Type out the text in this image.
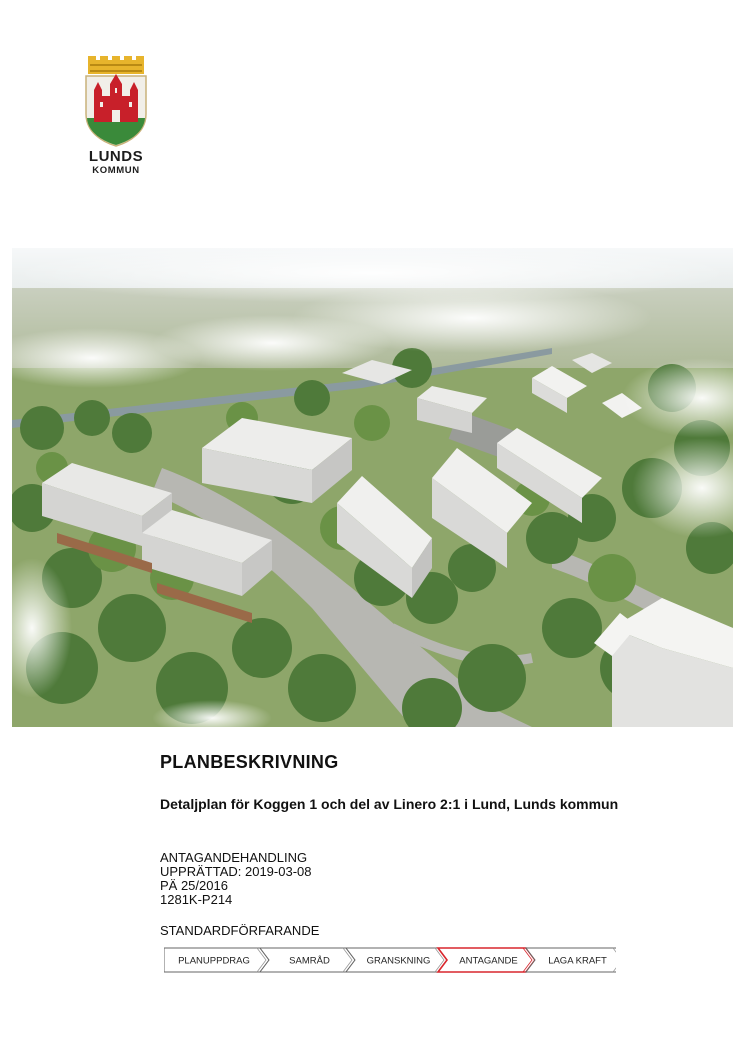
LUNDS
KOMMUN
PLANBESKRIVNING
Detaljplan för Koggen 1 och del av Linero 2:1 i Lund, Lunds kommun
ANTAGANDEHANDLING
UPPRÄTTAD: 2019-03-08
PÄ 25/2016
1281K-P214
STANDARDFÖRFARANDE
PLANUPPDRAG	SAMRÅD	GRANSKNING	ANTAGANDE	LAGA KRAFT
